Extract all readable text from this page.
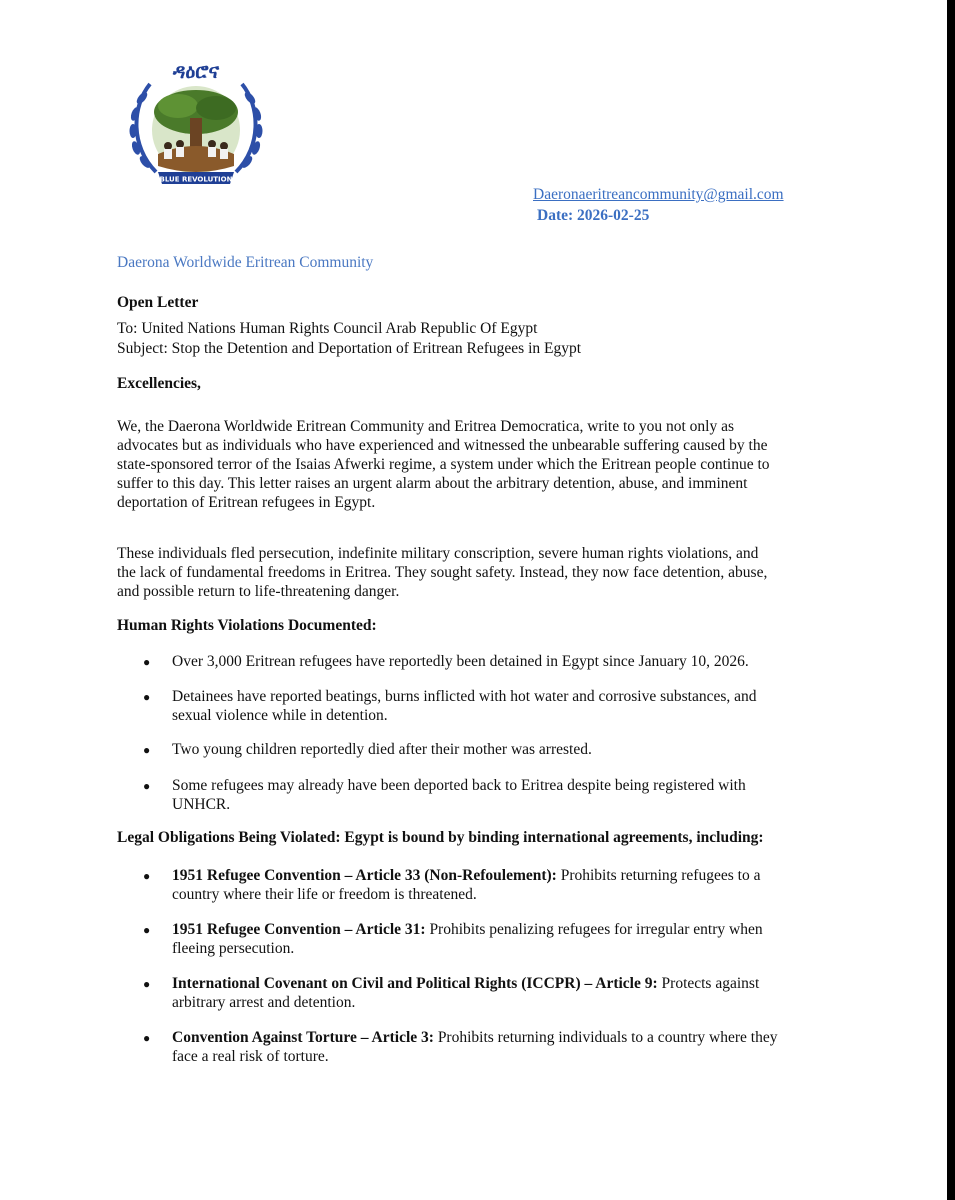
ዳዕሮና
BLUE REVOLUTION
Daeronaeritreancommunity@gmail.com
Date: 2026-02-25
Daerona Worldwide Eritrean Community
Open Letter
To: United Nations Human Rights Council Arab Republic Of Egypt
Subject: Stop the Detention and Deportation of Eritrean Refugees in Egypt
Excellencies,
We, the Daerona Worldwide Eritrean Community and Eritrea Democratica, write to you not only as
advocates but as individuals who have experienced and witnessed the unbearable suffering caused by the
state-sponsored terror of the Isaias Afwerki regime, a system under which the Eritrean people continue to
suffer to this day. This letter raises an urgent alarm about the arbitrary detention, abuse, and imminent
deportation of Eritrean refugees in Egypt.
These individuals fled persecution, indefinite military conscription, severe human rights violations, and
the lack of fundamental freedoms in Eritrea. They sought safety. Instead, they now face detention, abuse,
and possible return to life-threatening danger.
Human Rights Violations Documented:
● Over 3,000 Eritrean refugees have reportedly been detained in Egypt since January 10, 2026.
● Detainees have reported beatings, burns inflicted with hot water and corrosive substances, and
sexual violence while in detention.
● Two young children reportedly died after their mother was arrested.
● Some refugees may already have been deported back to Eritrea despite being registered with
UNHCR.
Legal Obligations Being Violated: Egypt is bound by binding international agreements, including:
● 1951 Refugee Convention – Article 33 (Non-Refoulement): Prohibits returning refugees to a
country where their life or freedom is threatened.
● 1951 Refugee Convention – Article 31: Prohibits penalizing refugees for irregular entry when
fleeing persecution.
● International Covenant on Civil and Political Rights (ICCPR) – Article 9: Protects against
arbitrary arrest and detention.
● Convention Against Torture – Article 3: Prohibits returning individuals to a country where they
face a real risk of torture.
